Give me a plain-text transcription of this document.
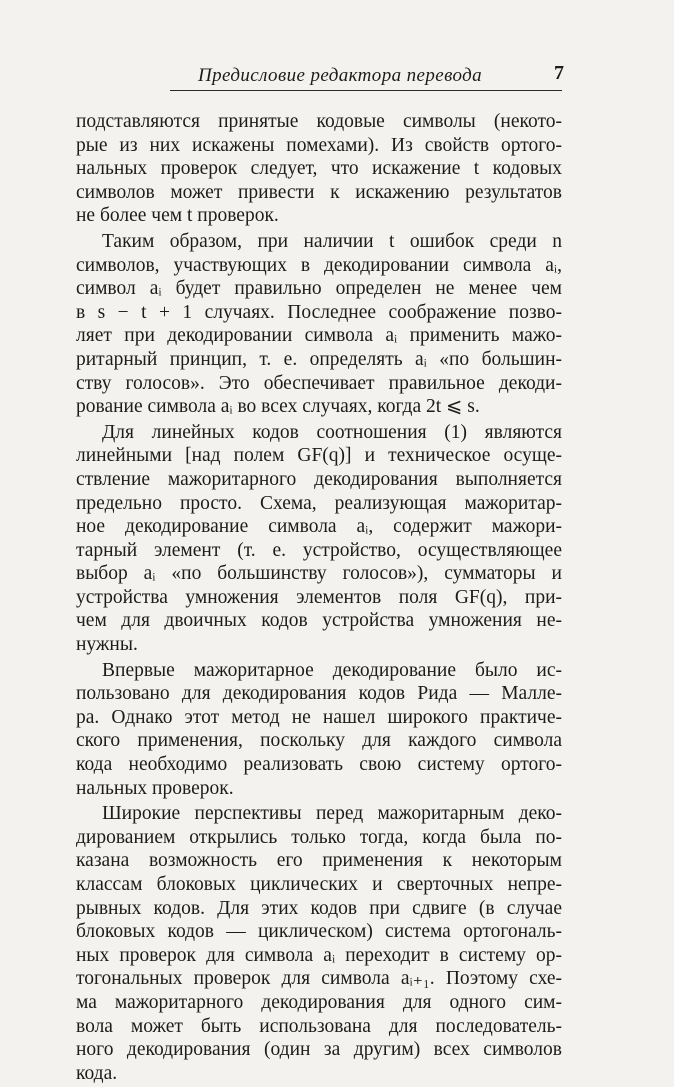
Предисловие редактора перевода	7
подставляются принятые кодовые символы (некото-
рые из них искажены помехами). Из свойств ортого-
нальных проверок следует, что искажение t кодовых
символов может привести к искажению результатов
не более чем t проверок.
Таким образом, при наличии t ошибок среди n
символов, участвующих в декодировании символа aᵢ,
символ aᵢ будет правильно определен не менее чем
в s − t + 1 случаях. Последнее соображение позво-
ляет при декодировании символа aᵢ применить мажо-
ритарный принцип, т. е. определять aᵢ «по большин-
ству голосов». Это обеспечивает правильное декоди-
рование символа aᵢ во всех случаях, когда 2t ⩽ s.
Для линейных кодов соотношения (1) являются
линейными [над полем GF(q)] и техническое осуще-
ствление мажоритарного декодирования выполняется
предельно просто. Схема, реализующая мажоритар-
ное декодирование символа aᵢ, содержит мажори-
тарный элемент (т. е. устройство, осуществляющее
выбор aᵢ «по большинству голосов»), сумматоры и
устройства умножения элементов поля GF(q), при-
чем для двоичных кодов устройства умножения не-
нужны.
Впервые мажоритарное декодирование было ис-
пользовано для декодирования кодов Рида — Малле-
ра. Однако этот метод не нашел широкого практиче-
ского применения, поскольку для каждого символа
кода необходимо реализовать свою систему ортого-
нальных проверок.
Широкие перспективы перед мажоритарным деко-
дированием открылись только тогда, когда была по-
казана возможность его применения к некоторым
классам блоковых циклических и сверточных непре-
рывных кодов. Для этих кодов при сдвиге (в случае
блоковых кодов — циклическом) система ортогональ-
ных проверок для символа aᵢ переходит в систему ор-
тогональных проверок для символа aᵢ₊₁. Поэтому схе-
ма мажоритарного декодирования для одного сим-
вола может быть использована для последователь-
ного декодирования (один за другим) всех символов
кода.
